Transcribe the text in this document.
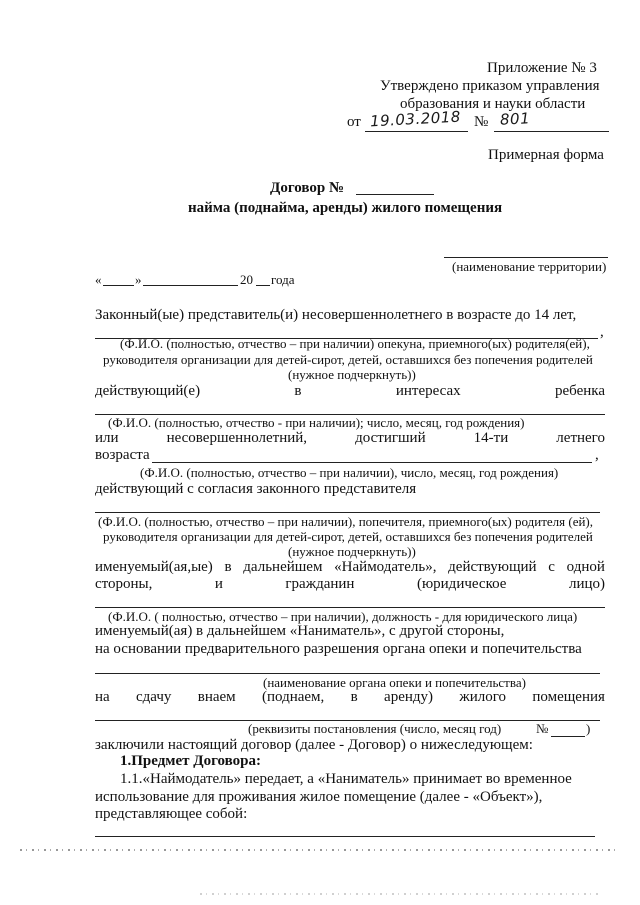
Приложение № 3
Утверждено приказом управления
образования и науки области
от 19.03.2018 № 801
Примерная форма
Договор №
найма (поднайма, аренды) жилого помещения
(наименование территории)
«	»	20 года
Законный(ые) представитель(и) несовершеннолетнего в возрасте до 14 лет,
,
(Ф.И.О. (полностью, отчество – при наличии) опекуна, приемного(ых) родителя(ей),
руководителя организации для детей-сирот, детей, оставшихся без попечения родителей
(нужное подчеркнуть))
действующий(е)	в	интересах	ребенка
(Ф.И.О. (полностью, отчество - при наличии); число, месяц, год рождения)
или	несовершеннолетний,	достигший	14-ти	летнего
возраста	,
(Ф.И.О. (полностью, отчество – при наличии), число, месяц, год рождения)
действующий с согласия законного представителя
(Ф.И.О. (полностью, отчество – при наличии), попечителя, приемного(ых) родителя (ей),
руководителя организации для детей-сирот, детей, оставшихся без попечения родителей
(нужное подчеркнуть))
именуемый(ая,ые) в дальнейшем «Наймодатель», действующий с одной
стороны,	и	гражданин	(юридическое	лицо)
(Ф.И.О. ( полностью, отчество – при наличии), должность - для юридического лица)
именуемый(ая) в дальнейшем «Наниматель», с другой стороны,
на основании предварительного разрешения органа опеки и попечительства
(наименование органа опеки и попечительства)
на сдачу внаем (поднаем, в аренду) жилого помещения
(реквизиты постановления (число, месяц год)	№	)
заключили настоящий договор (далее - Договор) о нижеследующем:
1.Предмет Договора:
1.1.«Наймодатель» передает, а «Наниматель» принимает во временное
использование для проживания жилое помещение (далее - «Объект»),
представляющее собой:
